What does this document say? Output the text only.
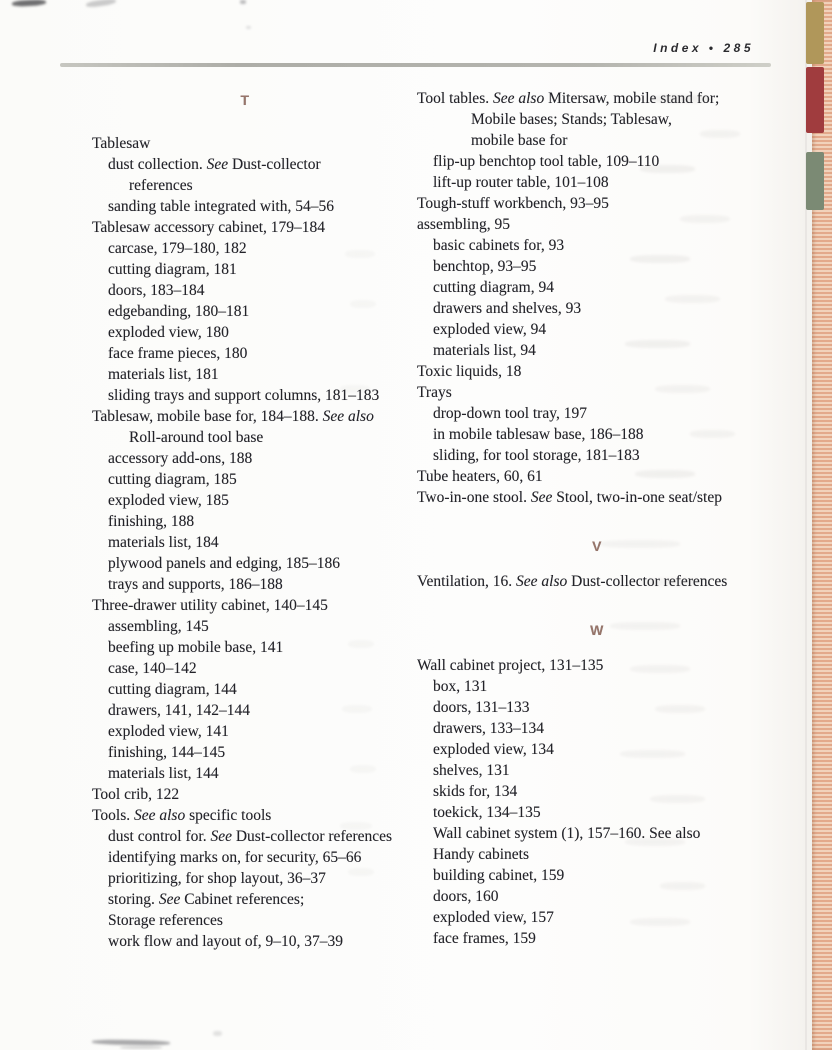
Index • 285
T
Tablesaw
dust collection. See Dust-collector
references
sanding table integrated with, 54–56
Tablesaw accessory cabinet, 179–184
carcase, 179–180, 182
cutting diagram, 181
doors, 183–184
edgebanding, 180–181
exploded view, 180
face frame pieces, 180
materials list, 181
sliding trays and support columns, 181–183
Tablesaw, mobile base for, 184–188. See also
Roll-around tool base
accessory add-ons, 188
cutting diagram, 185
exploded view, 185
finishing, 188
materials list, 184
plywood panels and edging, 185–186
trays and supports, 186–188
Three-drawer utility cabinet, 140–145
assembling, 145
beefing up mobile base, 141
case, 140–142
cutting diagram, 144
drawers, 141, 142–144
exploded view, 141
finishing, 144–145
materials list, 144
Tool crib, 122
Tools. See also specific tools
dust control for. See Dust-collector references
identifying marks on, for security, 65–66
prioritizing, for shop layout, 36–37
storing. See Cabinet references;
Storage references
work flow and layout of, 9–10, 37–39
Tool tables. See also Mitersaw, mobile stand for;
Mobile bases; Stands; Tablesaw,
mobile base for
flip-up benchtop tool table, 109–110
lift-up router table, 101–108
Tough-stuff workbench, 93–95
assembling, 95
basic cabinets for, 93
benchtop, 93–95
cutting diagram, 94
drawers and shelves, 93
exploded view, 94
materials list, 94
Toxic liquids, 18
Trays
drop-down tool tray, 197
in mobile tablesaw base, 186–188
sliding, for tool storage, 181–183
Tube heaters, 60, 61
Two-in-one stool. See Stool, two-in-one seat/step
V
Ventilation, 16. See also Dust-collector references
W
Wall cabinet project, 131–135
box, 131
doors, 131–133
drawers, 133–134
exploded view, 134
shelves, 131
skids for, 134
toekick, 134–135
Wall cabinet system (1), 157–160. See also
Handy cabinets
building cabinet, 159
doors, 160
exploded view, 157
face frames, 159
